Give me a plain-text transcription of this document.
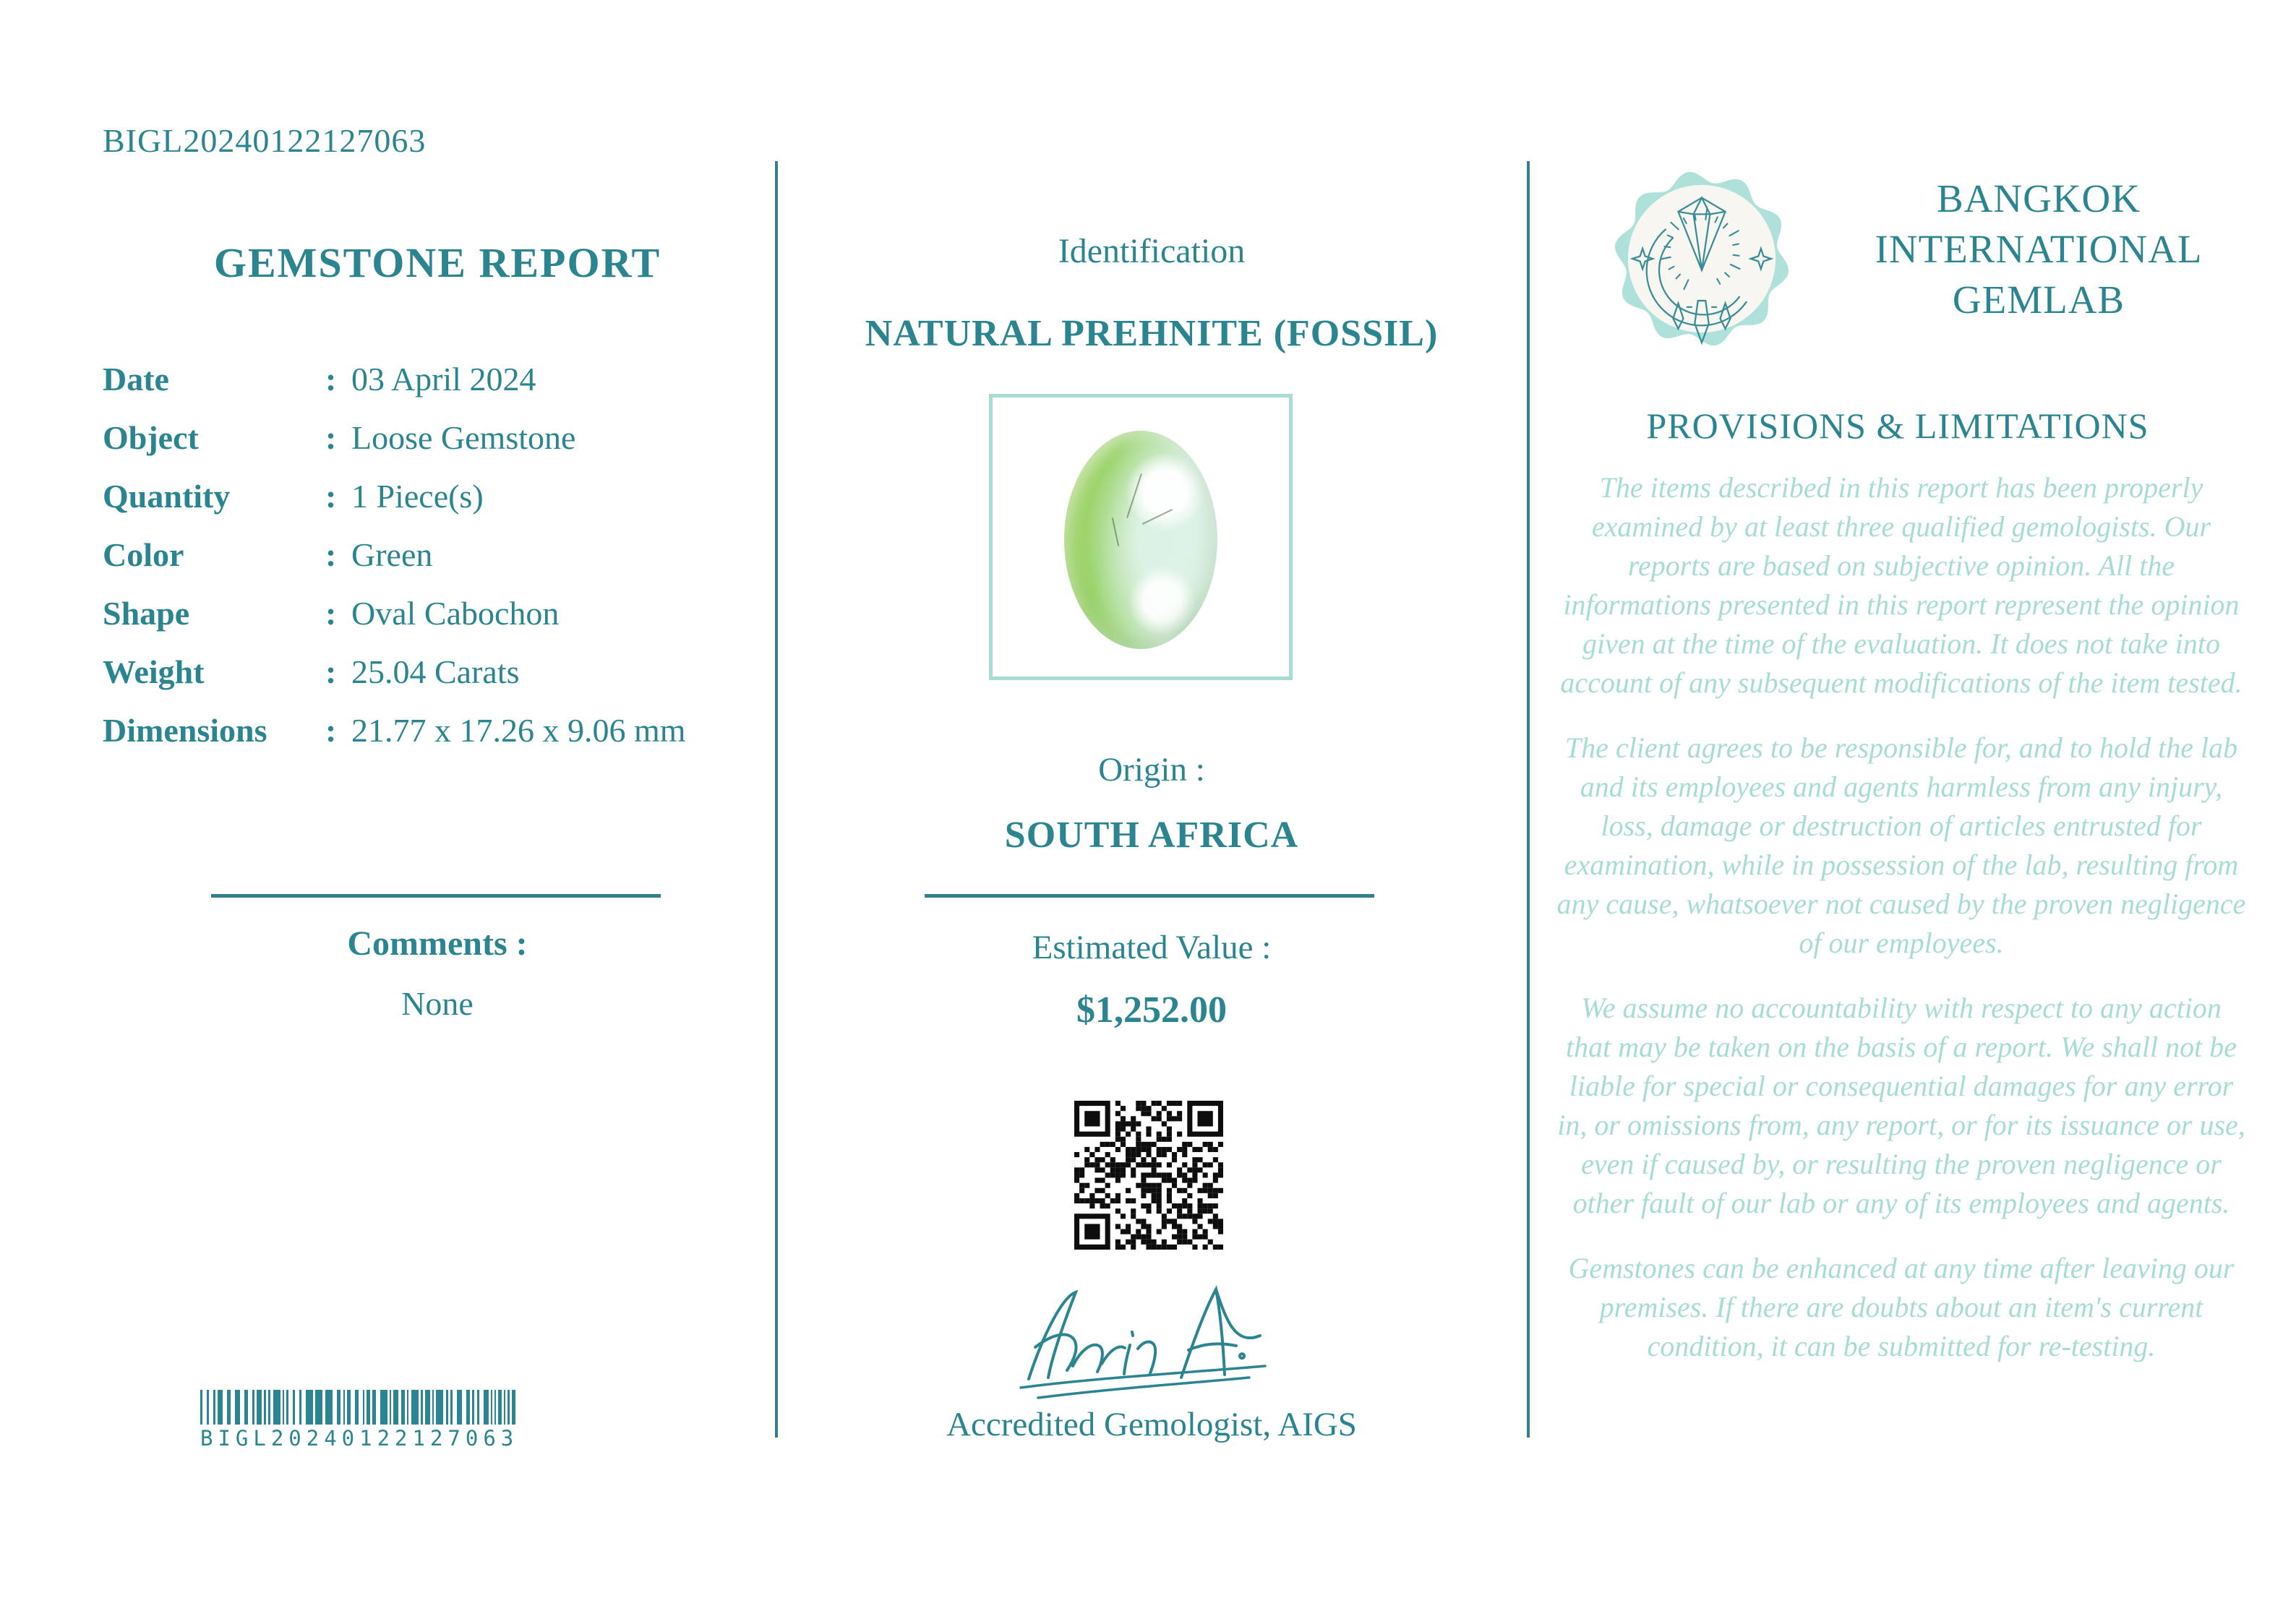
BIGL20240122127063
GEMSTONE REPORT
Date	: 03 April 2024
Object	: Loose Gemstone
Quantity	: 1 Piece(s)
Color	: Green
Shape	: Oval Cabochon
Weight	: 25.04 Carats
Dimensions	: 21.77 x 17.26 x 9.06 mm
Comments :
None
BIGL20240122127063
Identification
NATURAL PREHNITE (FOSSIL)
Origin :
SOUTH AFRICA
Estimated Value :
$1,252.00
Accredited Gemologist, AIGS
BANGKOK
INTERNATIONAL
GEMLAB
PROVISIONS & LIMITATIONS

The items described in this report has been properly examined by at least three qualified gemologists. Our reports are based on subjective opinion. All the informations presented in this report represent the opinion given at the time of the evaluation. It does not take into account of any subsequent modifications of the item tested.

The client agrees to be responsible for, and to hold the lab and its employees and agents harmless from any injury, loss, damage or destruction of articles entrusted for examination, while in possession of the lab, resulting from any cause, whatsoever not caused by the proven negligence of our employees.

We assume no accountability with respect to any action that may be taken on the basis of a report. We shall not be liable for special or consequential damages for any error in, or omissions from, any report, or for its issuance or use, even if caused by, or resulting the proven negligence or other fault of our lab or any of its employees and agents.

Gemstones can be enhanced at any time after leaving our premises. If there are doubts about an item's current condition, it can be submitted for re-testing.
